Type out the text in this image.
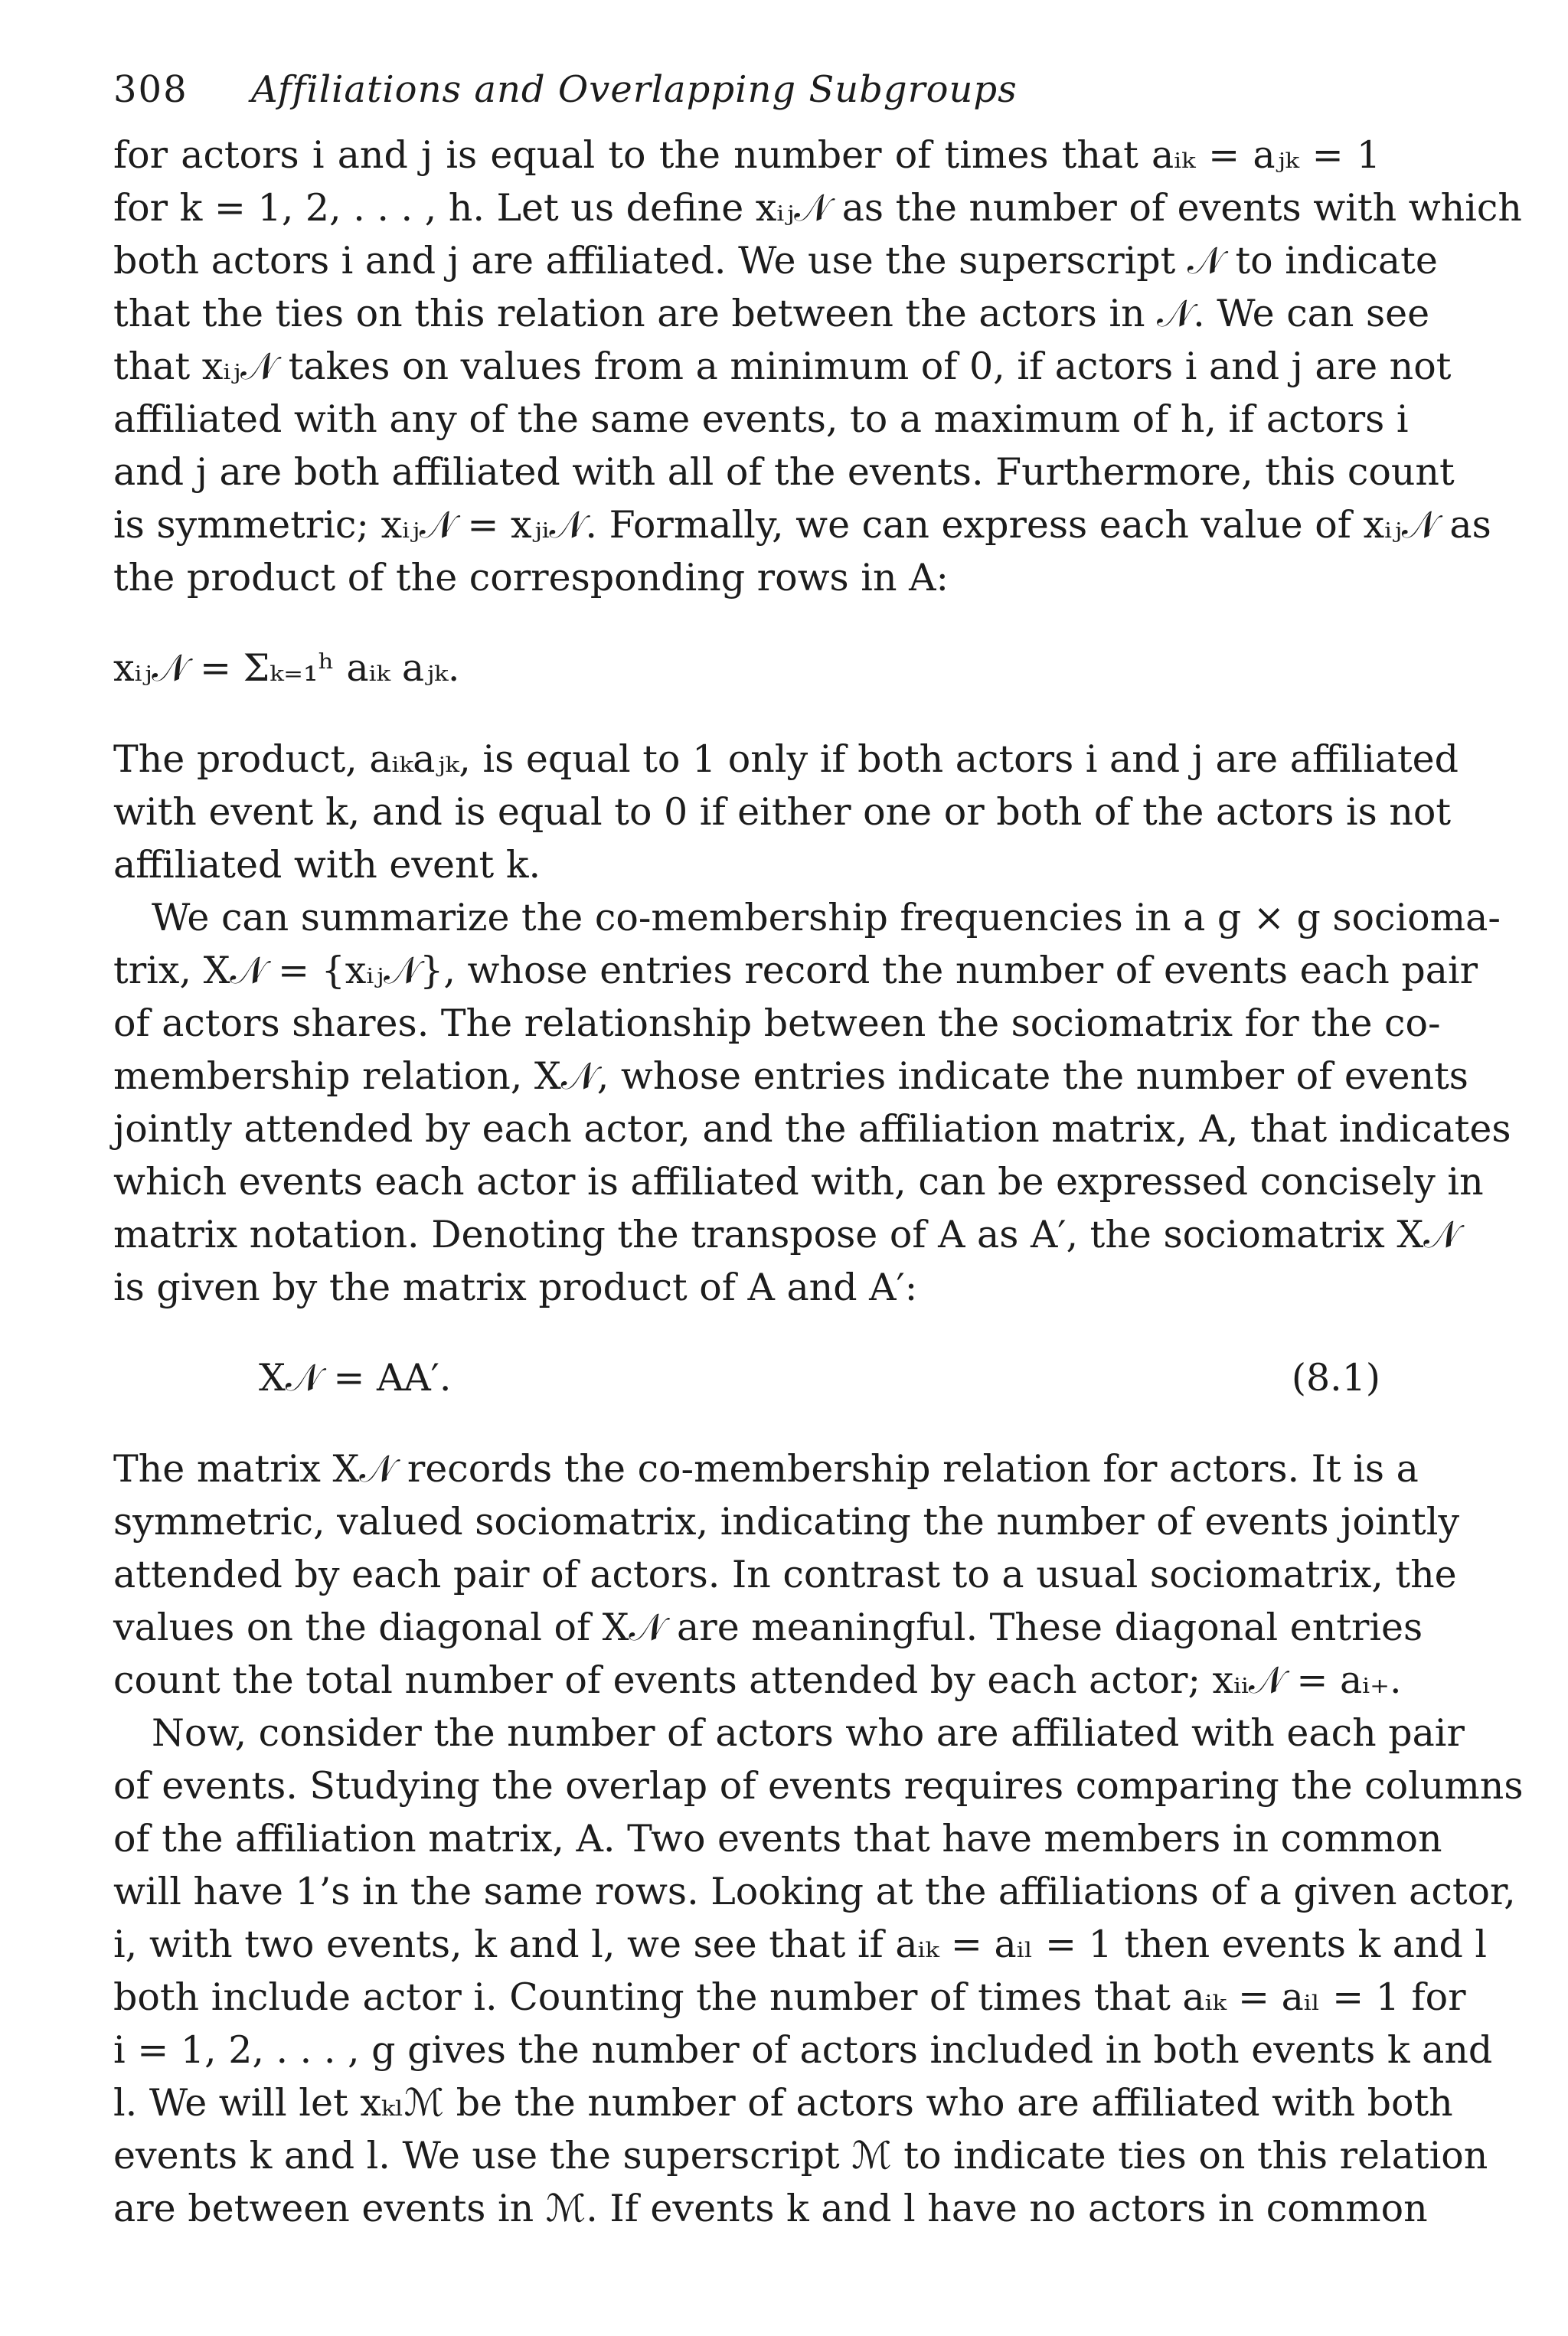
308 Affiliations and Overlapping Subgroups
for actors i and j is equal to the number of times that aᵢₖ = aⱼₖ = 1
for k = 1, 2, . . . , h. Let us define xᵢⱼ𝒩 as the number of events with which
both actors i and j are affiliated. We use the superscript 𝒩 to indicate
that the ties on this relation are between the actors in 𝒩. We can see
that xᵢⱼ𝒩 takes on values from a minimum of 0, if actors i and j are not
affiliated with any of the same events, to a maximum of h, if actors i
and j are both affiliated with all of the events. Furthermore, this count
is symmetric; xᵢⱼ𝒩 = xⱼᵢ𝒩. Formally, we can express each value of xᵢⱼ𝒩 as
the product of the corresponding rows in A:
xᵢⱼ𝒩 = Σₖ₌₁ʰ aᵢₖ aⱼₖ.
The product, aᵢₖaⱼₖ, is equal to 1 only if both actors i and j are affiliated
with event k, and is equal to 0 if either one or both of the actors is not
affiliated with event k.
We can summarize the co-membership frequencies in a g × g socioma-
trix, X𝒩 = {xᵢⱼ𝒩}, whose entries record the number of events each pair
of actors shares. The relationship between the sociomatrix for the co-
membership relation, X𝒩, whose entries indicate the number of events
jointly attended by each actor, and the affiliation matrix, A, that indicates
which events each actor is affiliated with, can be expressed concisely in
matrix notation. Denoting the transpose of A as A′, the sociomatrix X𝒩
is given by the matrix product of A and A′:
X𝒩 = AA′.	(8.1)
The matrix X𝒩 records the co-membership relation for actors. It is a
symmetric, valued sociomatrix, indicating the number of events jointly
attended by each pair of actors. In contrast to a usual sociomatrix, the
values on the diagonal of X𝒩 are meaningful. These diagonal entries
count the total number of events attended by each actor; xᵢᵢ𝒩 = aᵢ₊.
Now, consider the number of actors who are affiliated with each pair
of events. Studying the overlap of events requires comparing the columns
of the affiliation matrix, A. Two events that have members in common
will have 1’s in the same rows. Looking at the affiliations of a given actor,
i, with two events, k and l, we see that if aᵢₖ = aᵢₗ = 1 then events k and l
both include actor i. Counting the number of times that aᵢₖ = aᵢₗ = 1 for
i = 1, 2, . . . , g gives the number of actors included in both events k and
l. We will let xₖₗℳ be the number of actors who are affiliated with both
events k and l. We use the superscript ℳ to indicate ties on this relation
are between events in ℳ. If events k and l have no actors in common
